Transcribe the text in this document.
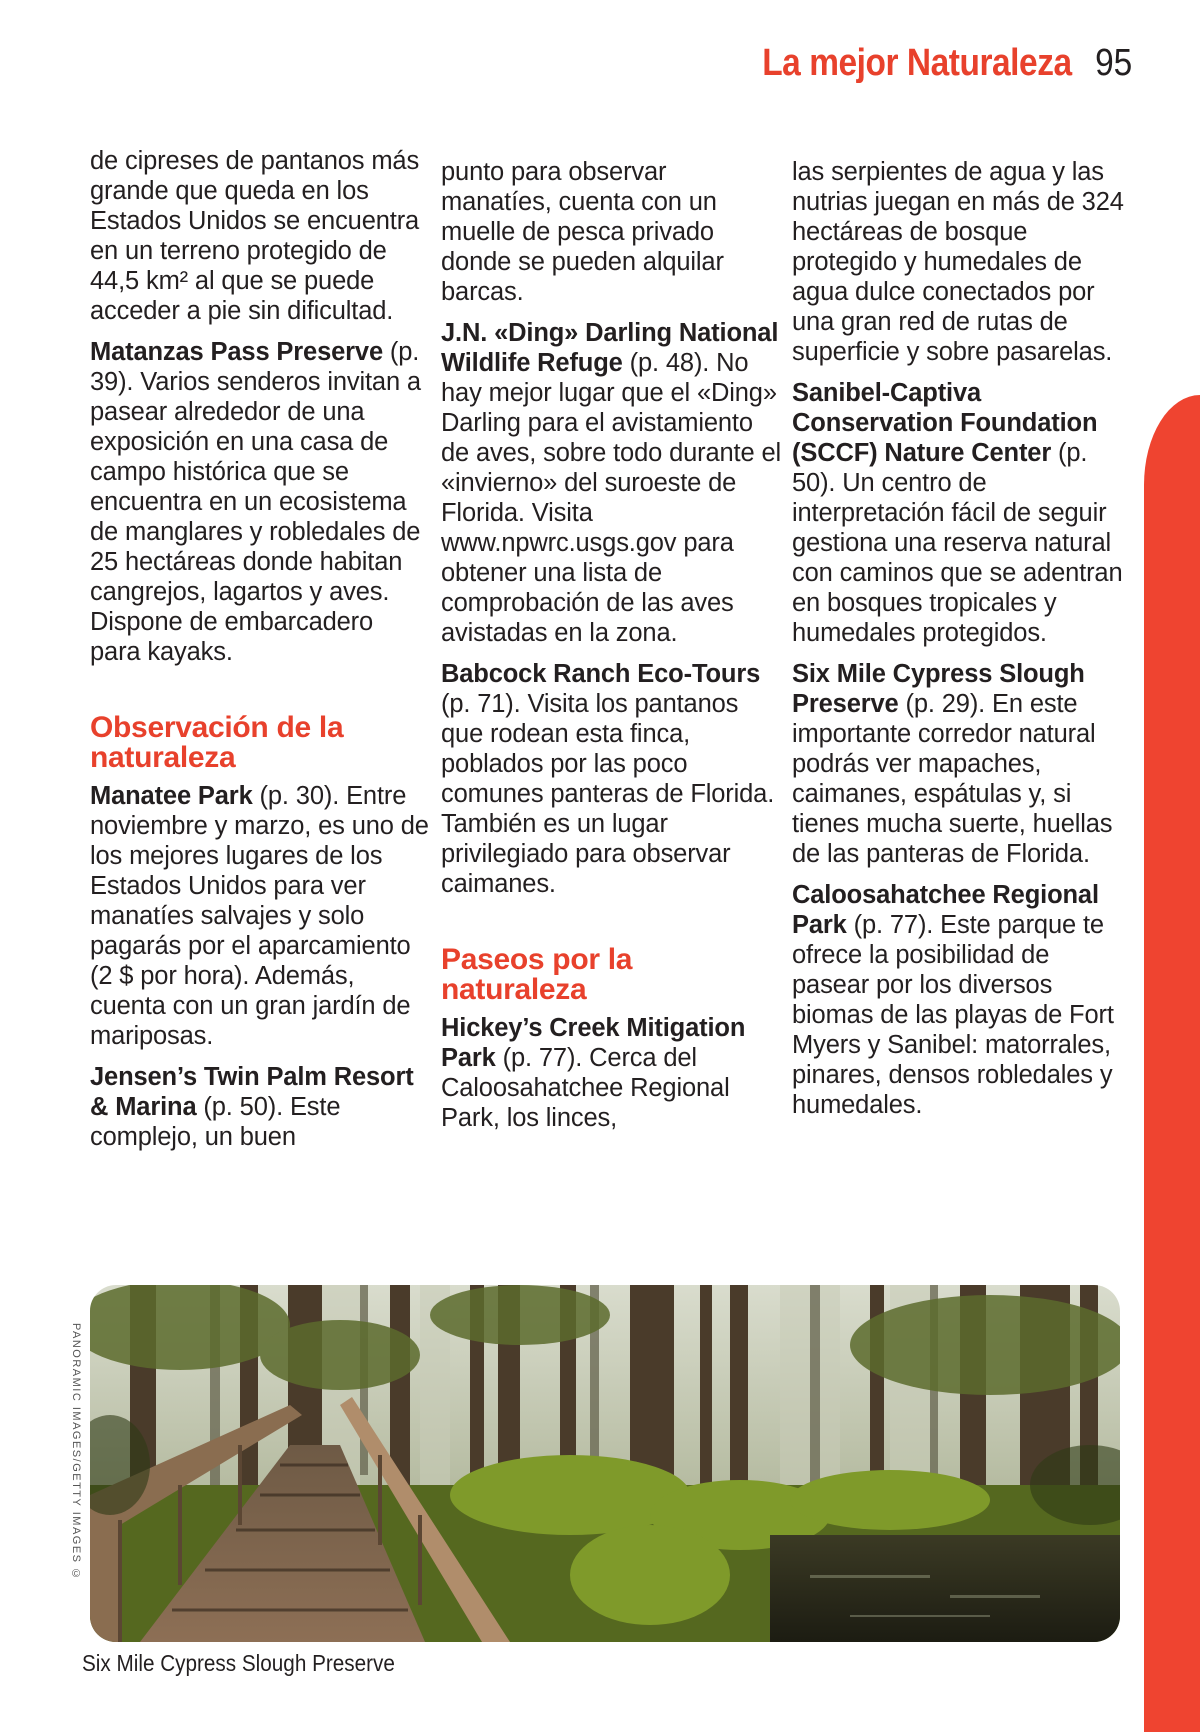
La mejor Naturaleza 95

de cipreses de pantanos más grande que queda en los Estados Unidos se encuentra en un terreno protegido de 44,5 km² al que se puede acceder a pie sin dificultad.

Matanzas Pass Preserve (p. 39). Varios senderos invitan a pasear alrededor de una exposición en una casa de campo histórica que se encuentra en un ecosistema de manglares y robledales de 25 hectáreas donde habitan cangrejos, lagartos y aves. Dispone de embarcadero para kayaks.

Observación de la naturaleza

Manatee Park (p. 30). Entre noviembre y marzo, es uno de los mejores lugares de los Estados Unidos para ver manatíes salvajes y solo pagarás por el aparcamiento (2 $ por hora). Además, cuenta con un gran jardín de mariposas.

Jensen’s Twin Palm Resort & Marina (p. 50). Este complejo, un buen

punto para observar manatíes, cuenta con un muelle de pesca privado donde se pueden alquilar barcas.

J.N. «Ding» Darling National Wildlife Refuge (p. 48). No hay mejor lugar que el «Ding» Darling para el avistamiento de aves, sobre todo durante el «invierno» del suroeste de Florida. Visita www.npwrc.usgs.gov para obtener una lista de comprobación de las aves avistadas en la zona.

Babcock Ranch Eco-Tours (p. 71). Visita los pantanos que rodean esta finca, poblados por las poco comunes panteras de Florida. También es un lugar privilegiado para observar caimanes.

Paseos por la naturaleza

Hickey’s Creek Mitigation Park (p. 77). Cerca del Caloosahatchee Regional Park, los linces,

las serpientes de agua y las nutrias juegan en más de 324 hectáreas de bosque protegido y humedales de agua dulce conectados por una gran red de rutas de superficie y sobre pasarelas.

Sanibel-Captiva Conservation Foundation (SCCF) Nature Center (p. 50). Un centro de interpretación fácil de seguir gestiona una reserva natural con caminos que se adentran en bosques tropicales y humedales protegidos.

Six Mile Cypress Slough Preserve (p. 29). En este importante corredor natural podrás ver mapaches, caimanes, espátulas y, si tienes mucha suerte, huellas de las panteras de Florida.

Caloosahatchee Regional Park (p. 77). Este parque te ofrece la posibilidad de pasear por los diversos biomas de las playas de Fort Myers y Sanibel: matorrales, pinares, densos robledales y humedales.

PANORAMIC IMAGES/GETTY IMAGES ©
Six Mile Cypress Slough Preserve
